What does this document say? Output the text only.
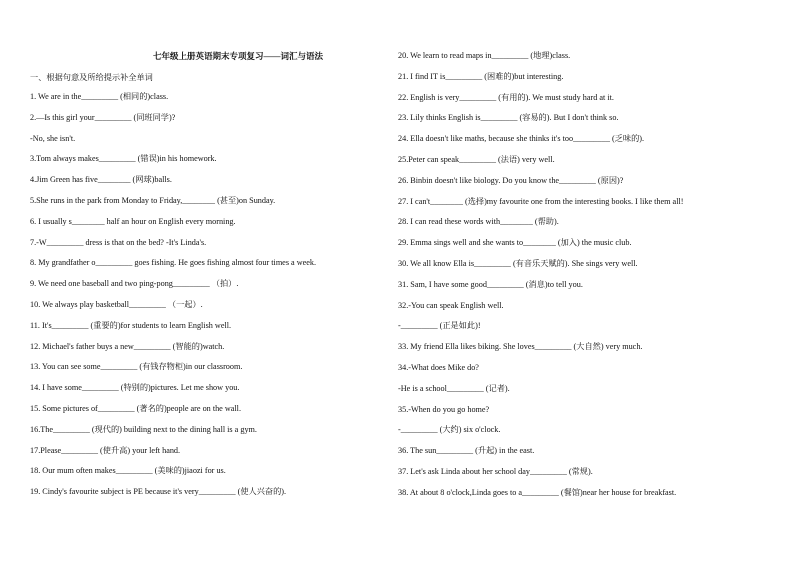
七年级上册英语期末专项复习——词汇与语法
一、根据句意及所给提示补全单词
1. We are in the_________ (相同的)class.
2.—Is this girl your_________ (同班同学)?
-No, she isn't.
3.Tom always makes_________ (错误)in his homework.
4.Jim Green has five________ (网球)balls.
5.She runs in the park from Monday to Friday,________ (甚至)on Sunday.
6. I usually s________ half an hour on English every morning.
7.-W_________ dress is that on the bed? -It's Linda's.
8. My grandfather o_________ goes fishing. He goes fishing almost four times a week.
9. We need one baseball and two ping-pong_________ （拍）.
10. We always play basketball_________ （一起）.
11. It's_________ (重要的)for students to learn English well.
12. Michael's father buys a new_________ (智能的)watch.
13. You can see some_________ (有钱存物柜)in our classroom.
14. I have some_________ (特别的)pictures. Let me show you.
15. Some pictures of_________ (著名的)people are on the wall.
16.The_________ (现代的) building next to the dining hall is a gym.
17.Please_________ (使升高) your left hand.
18. Our mum often makes_________ (美味的)jiaozi for us.
19. Cindy's favourite subject is PE because it's very_________ (使人兴奋的).
20. We learn to read maps in_________ (地理)class.
21. I find IT is_________ (困难的)but interesting.
22. English is very_________ (有用的). We must study hard at it.
23. Lily thinks English is_________ (容易的). But I don't think so.
24. Ella doesn't like maths, because she thinks it's too_________ (乏味的).
25.Peter can speak_________ (法语) very well.
26. Binbin doesn't like biology. Do you know the_________ (原因)?
27. I can't________ (选择)my favourite one from the interesting books. I like them all!
28. I can read these words with________ (帮助).
29. Emma sings well and she wants to________ (加入) the music club.
30. We all know Ella is_________ (有音乐天赋的). She sings very well.
31. Sam, I have some good_________ (消息)to tell you.
32.-You can speak English well.
-_________ (正是如此)!
33. My friend Ella likes biking. She loves_________ (大自然) very much.
34.-What does Mike do?
-He is a school_________ (记者).
35.-When do you go home?
-_________ (大约) six o'clock.
36. The sun_________ (升起) in the east.
37. Let's ask Linda about her school day_________ (常规).
38. At about 8 o'clock,Linda goes to a_________ (餐馆)near her house for breakfast.
